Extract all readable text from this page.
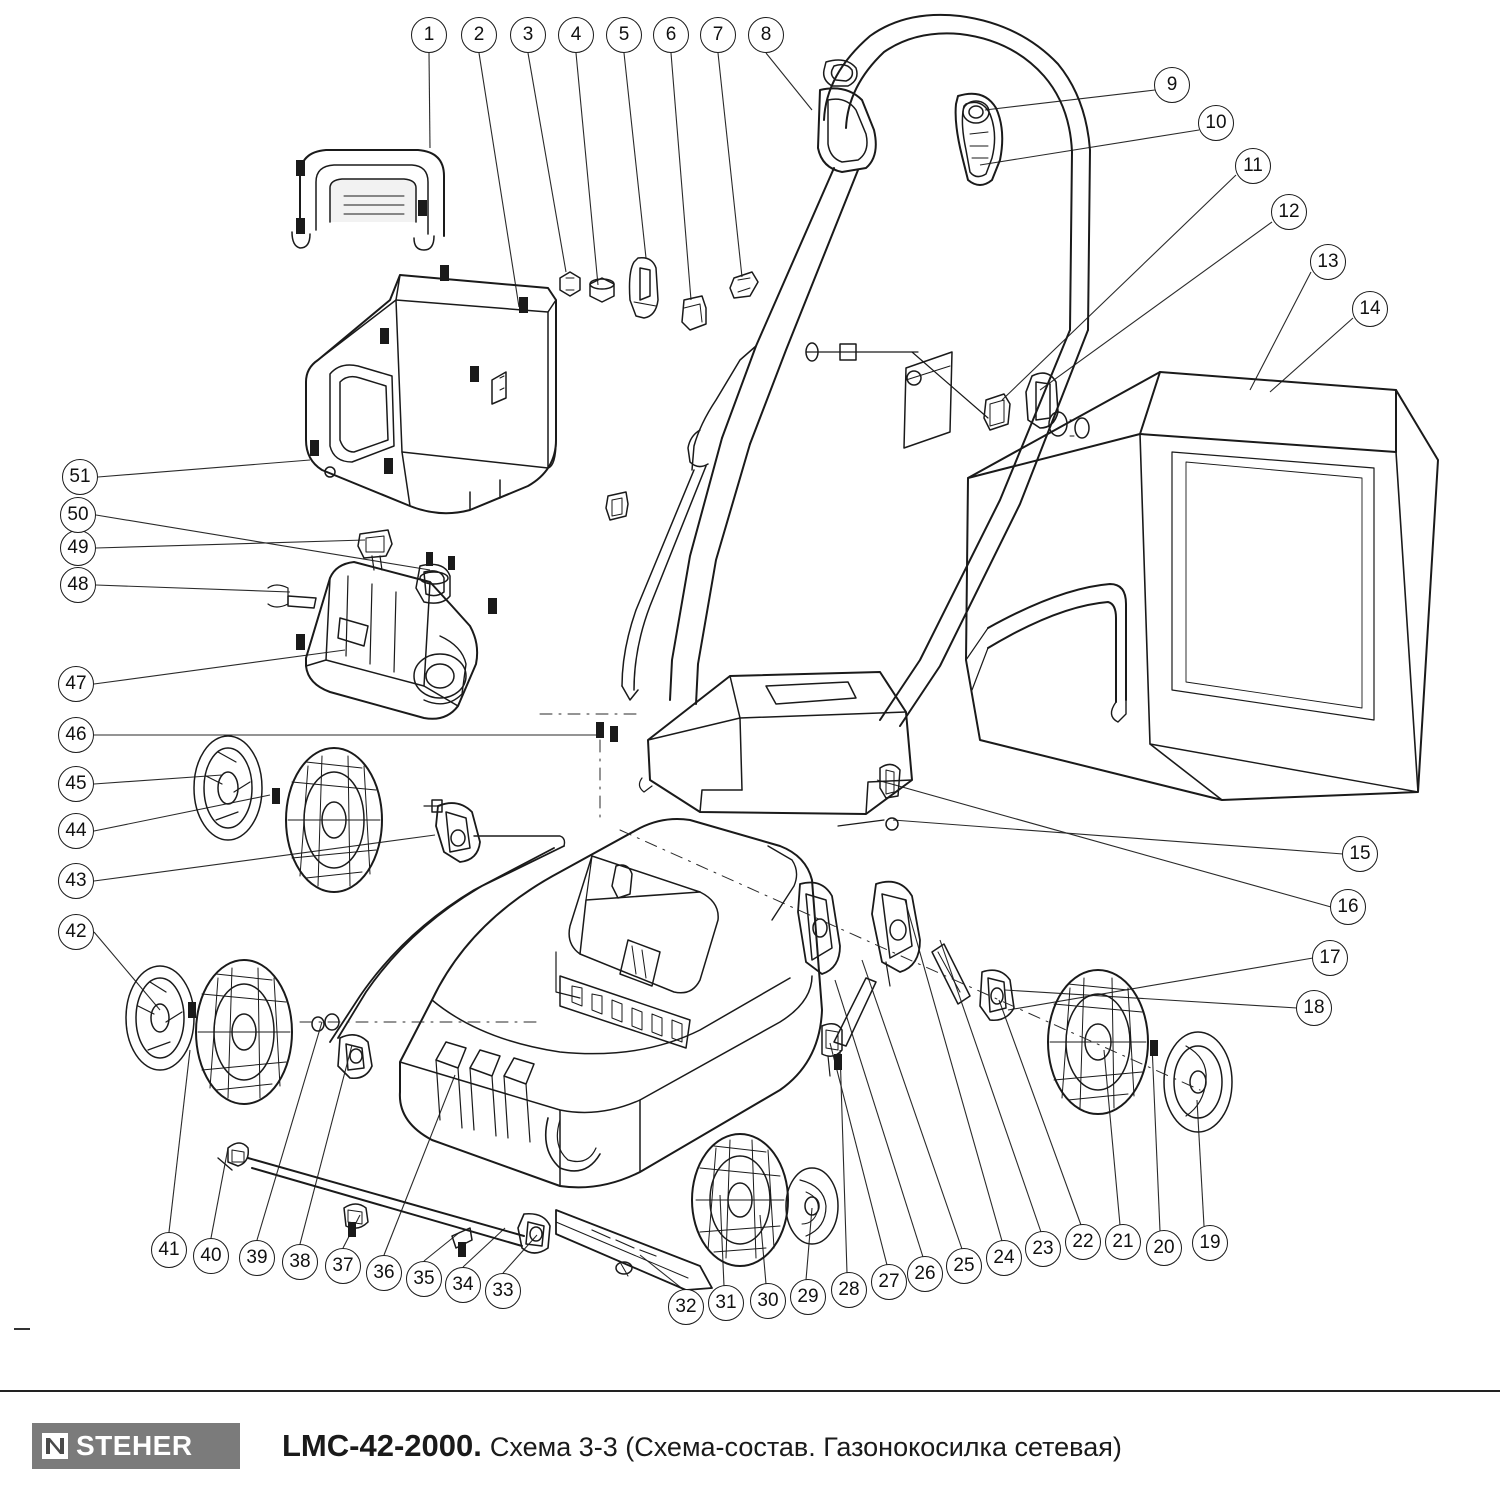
1	2	3	4	5	6	7	8
9
10
11
12
13
14
15
16
17
18
19
20
21
22
23
24
25
26
27
28
29
30
31
32
33
34
35
36
37
38
39
40
41
42
43
44
45
46
47
48
49
50
51
STEHER	LMC-42-2000. Схема 3-3 (Схема-состав. Газонокосилка сетевая)
